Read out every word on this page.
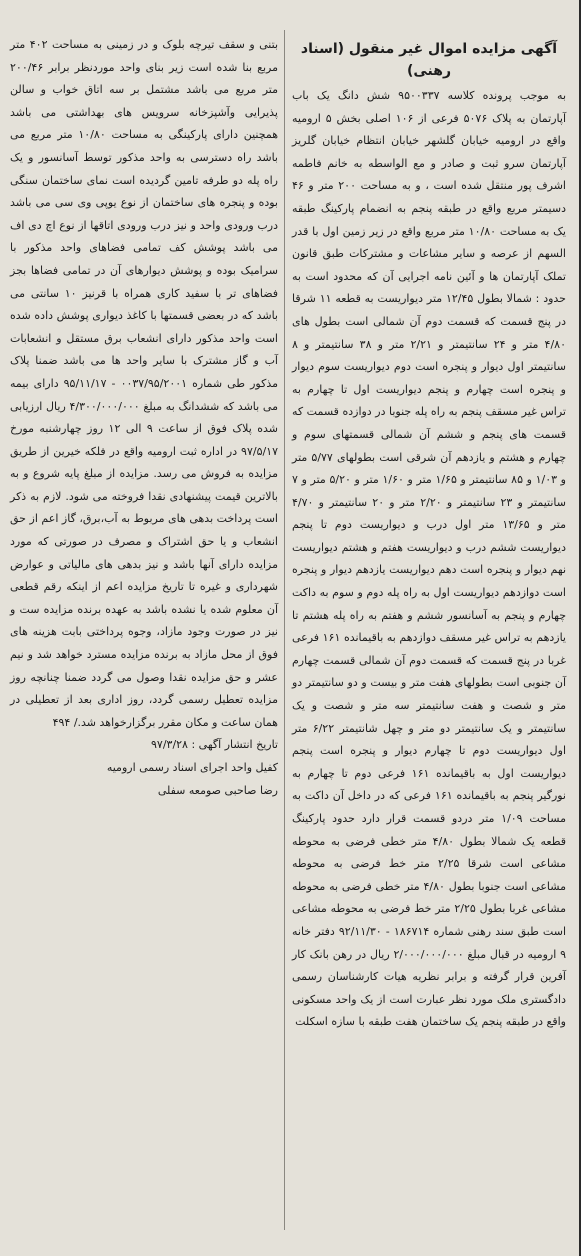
آگهی مزایده اموال غیر منقول (اسناد رهنی)

به موجب پرونده کلاسه ۹۵۰۰۳۳۷ شش دانگ یک باب آپارتمان به پلاک ۵۰۷۶ فرعی از ۱۰۶ اصلی بخش ۵ ارومیه واقع در ارومیه خیابان گلشهر خیابان انتظام خیابان گلریز آپارتمان سرو ثبت و صادر و مع الواسطه به خانم فاطمه اشرف پور منتقل شده است ، و به مساحت ۲۰۰ متر و ۴۶ دسیمتر مربع واقع در طبقه پنجم به انضمام پارکینگ طبقه یک به مساحت ۱۰/۸۰ متر مربع واقع در زیر زمین اول با قدر السهم از عرصه و سایر مشاعات و مشترکات طبق قانون تملک آپارتمان ها و آئین نامه اجرایی آن که محدود است به حدود : شمالا بطول ۱۲/۴۵ متر دیواریست به قطعه ۱۱ شرقا در پنج قسمت که قسمت دوم آن شمالی است بطول های ۴/۸۰ متر و ۲۴ سانتیمتر و ۲/۲۱ متر و ۳۸ سانتیمتر و ۸ سانتیمتر اول دیوار و پنجره است دوم دیواریست سوم دیوار و پنجره است چهارم و پنجم دیواریست اول تا چهارم به تراس غیر مسقف پنجم به راه پله جنوبا در دوازده قسمت که قسمت های پنجم و ششم آن شمالی قسمتهای سوم و چهارم و هشتم و یازدهم آن شرقی است بطولهای ۵/۷۷ متر و ۱/۰۳ و ۸۵ سانتیمتر و ۱/۶۵ متر و ۱/۶۰ متر و ۵/۲۰ متر و ۷ سانتیمتر و ۲۳ سانتیمتر و ۲/۲۰ متر و ۲۰ سانتیمتر و ۴/۷۰ متر و ۱۳/۶۵ متر اول درب و دیواریست دوم تا پنجم دیواریست ششم درب و دیواریست هفتم و هشتم دیواریست نهم دیوار و پنجره است دهم دیواریست یازدهم دیوار و پنجره است دوازدهم دیواریست اول به راه پله دوم و سوم به داکت چهارم و پنجم به آسانسور ششم و هفتم به راه پله هشتم تا یازدهم به تراس غیر مسقف دوازدهم به باقیمانده ۱۶۱ فرعی غربا در پنج قسمت که قسمت دوم آن شمالی قسمت چهارم آن جنوبی است بطولهای هفت متر و بیست و دو سانتیمتر دو متر و شصت و هفت سانتیمتر سه متر و شصت و یک سانتیمتر و یک سانتیمتر دو متر و چهل شانتیمتر ۶/۲۲ متر اول دیواریست دوم تا چهارم دیوار و پنجره است پنجم دیواریست اول به باقیمانده ۱۶۱ فرعی دوم تا چهارم به نورگیر پنجم به باقیمانده ۱۶۱ فرعی که در داخل آن داکت به مساحت ۱/۰۹ متر دردو قسمت قرار دارد حدود پارکینگ قطعه یک شمالا بطول ۴/۸۰ متر خطی فرضی به محوطه مشاعی است شرقا ۲/۲۵ متر خط فرضی به محوطه مشاعی است جنوبا بطول ۴/۸۰ متر خطی فرضی به محوطه مشاعی غربا بطول ۲/۲۵ متر خط فرضی به محوطه مشاعی است طبق سند رهنی شماره ۱۸۶۷۱۴ - ۹۲/۱۱/۳۰ دفتر خانه ۹ ارومیه در قبال مبلغ ۲/۰۰۰/۰۰۰/۰۰۰ ریال در رهن بانک کار آفرین قرار گرفته و برابر نظریه هیات کارشناسان رسمی دادگستری ملک مورد نظر عبارت است از یک واحد مسکونی واقع در طبقه پنجم یک ساختمان هفت طبقه با سازه اسکلت

بتنی و سقف تیرچه بلوک و در زمینی به مساحت ۴۰۲ متر مربع بنا شده است زیر بنای واحد موردنظر برابر ۲۰۰/۴۶ متر مربع می باشد مشتمل بر سه اتاق خواب و سالن پذیرایی وآشپزخانه سرویس های بهداشتی می باشد همچنین دارای پارکینگی به مساحت ۱۰/۸۰ متر مربع می باشد راه دسترسی به واحد مذکور توسط آسانسور و یک راه پله دو طرفه تامین گردیده است نمای ساختمان سنگی بوده و پنجره های ساختمان از نوع یوپی وی سی می باشد درب ورودی واحد و نیز درب ورودی اتاقها از نوع اچ دی اف می باشد پوشش کف تمامی فضاهای واحد مذکور با سرامیک بوده و پوشش دیوارهای آن در تمامی فضاها بجز فضاهای تر با سفید کاری همراه با قرنیز ۱۰ سانتی می باشد که در بعضی قسمتها با کاغذ دیواری پوشش داده شده است واحد مذکور دارای انشعاب برق مستقل و انشعابات آب و گاز مشترک با سایر واحد ها می باشد ضمنا پلاک مذکور طی شماره ۰۰۳۷/۹۵/۲۰۰۱ - ۹۵/۱۱/۱۷ دارای بیمه می باشد که ششدانگ به مبلغ ۴/۳۰۰/۰۰۰/۰۰۰ ریال ارزیابی شده پلاک فوق از ساعت ۹ الی ۱۲ روز چهارشنبه مورخ ۹۷/۵/۱۷ در اداره ثبت ارومیه واقع در فلکه خیرین از طریق مزایده به فروش می رسد. مزایده از مبلغ پایه شروع و به بالاترین قیمت پیشنهادی نقدا فروخته می شود. لازم به ذکر است پرداخت بدهی های مربوط به آب،برق، گاز اعم از حق انشعاب و یا حق اشتراک و مصرف در صورتی که مورد مزایده دارای آنها باشد و نیز بدهی های مالیاتی و عوارض شهرداری و غیره تا تاریخ مزایده اعم از اینکه رقم قطعی آن معلوم شده یا نشده باشد به عهده برنده مزایده ست و نیز در صورت وجود مازاد، وجوه پرداختی بابت هزینه های فوق از محل مازاد به برنده مزایده مسترد خواهد شد و نیم عشر و حق مزایده نقدا وصول می گردد ضمنا چنانچه روز مزایده تعطیل رسمی گردد، روز اداری بعد از تعطیلی در همان ساعت و مکان مقرر برگزارخواهد شد./ ۴۹۴

تاریخ انتشار آگهی : ۹۷/۳/۲۸
کفیل واحد اجرای اسناد رسمی ارومیه
رضا صاحبی صومعه سفلی
